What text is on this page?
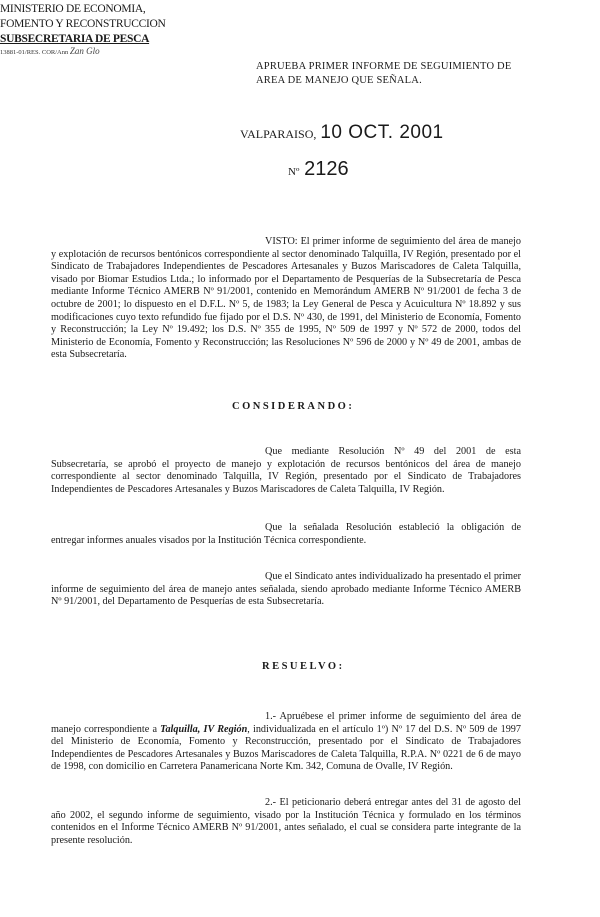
MINISTERIO DE ECONOMIA,
FOMENTO Y RECONSTRUCCION
SUBSECRETARIA DE PESCA
13881-01/RES. COR/Ann Zan Glo
APRUEBA PRIMER INFORME DE SEGUIMIENTO DE
AREA DE MANEJO QUE SEÑALA.
VALPARAISO, 10 OCT. 2001
Nº 2126
VISTO: El primer informe de seguimiento del área de manejo y explotación de recursos bentónicos correspondiente al sector denominado Talquilla, IV Región, presentado por el Sindicato de Trabajadores Independientes de Pescadores Artesanales y Buzos Mariscadores de Caleta Talquilla, visado por Biomar Estudios Ltda.; lo informado por el Departamento de Pesquerías de la Subsecretaría de Pesca mediante Informe Técnico AMERB Nº 91/2001, contenido en Memorándum AMERB Nº 91/2001 de fecha 3 de octubre de 2001; lo dispuesto en el D.F.L. Nº 5, de 1983; la Ley General de Pesca y Acuicultura Nº 18.892 y sus modificaciones cuyo texto refundido fue fijado por el D.S. Nº 430, de 1991, del Ministerio de Economía, Fomento y Reconstrucción; la Ley Nº 19.492; los D.S. Nº 355 de 1995, Nº 509 de 1997 y Nº 572 de 2000, todos del Ministerio de Economía, Fomento y Reconstrucción; las Resoluciones Nº 596 de 2000 y Nº 49 de 2001, ambas de esta Subsecretaría.
CONSIDERANDO:
Que mediante Resolución Nº 49 del 2001 de esta Subsecretaría, se aprobó el proyecto de manejo y explotación de recursos bentónicos del área de manejo correspondiente al sector denominado Talquilla, IV Región, presentado por el Sindicato de Trabajadores Independientes de Pescadores Artesanales y Buzos Mariscadores de Caleta Talquilla, IV Región.
Que la señalada Resolución estableció la obligación de entregar informes anuales visados por la Institución Técnica correspondiente.
Que el Sindicato antes individualizado ha presentado el primer informe de seguimiento del área de manejo antes señalada, siendo aprobado mediante Informe Técnico AMERB Nº 91/2001, del Departamento de Pesquerías de esta Subsecretaría.
RESUELVO:
1.- Apruébese el primer informe de seguimiento del área de manejo correspondiente a Talquilla, IV Región, individualizada en el artículo 1º) Nº 17 del D.S. Nº 509 de 1997 del Ministerio de Economía, Fomento y Reconstrucción, presentado por el Sindicato de Trabajadores Independientes de Pescadores Artesanales y Buzos Mariscadores de Caleta Talquilla, R.P.A. Nº 0221 de 6 de mayo de 1998, con domicilio en Carretera Panamericana Norte Km. 342, Comuna de Ovalle, IV Región.
2.- El peticionario deberá entregar antes del 31 de agosto del año 2002, el segundo informe de seguimiento, visado por la Institución Técnica y formulado en los términos contenidos en el Informe Técnico AMERB Nº 91/2001, antes señalado, el cual se considera parte integrante de la presente resolución.
